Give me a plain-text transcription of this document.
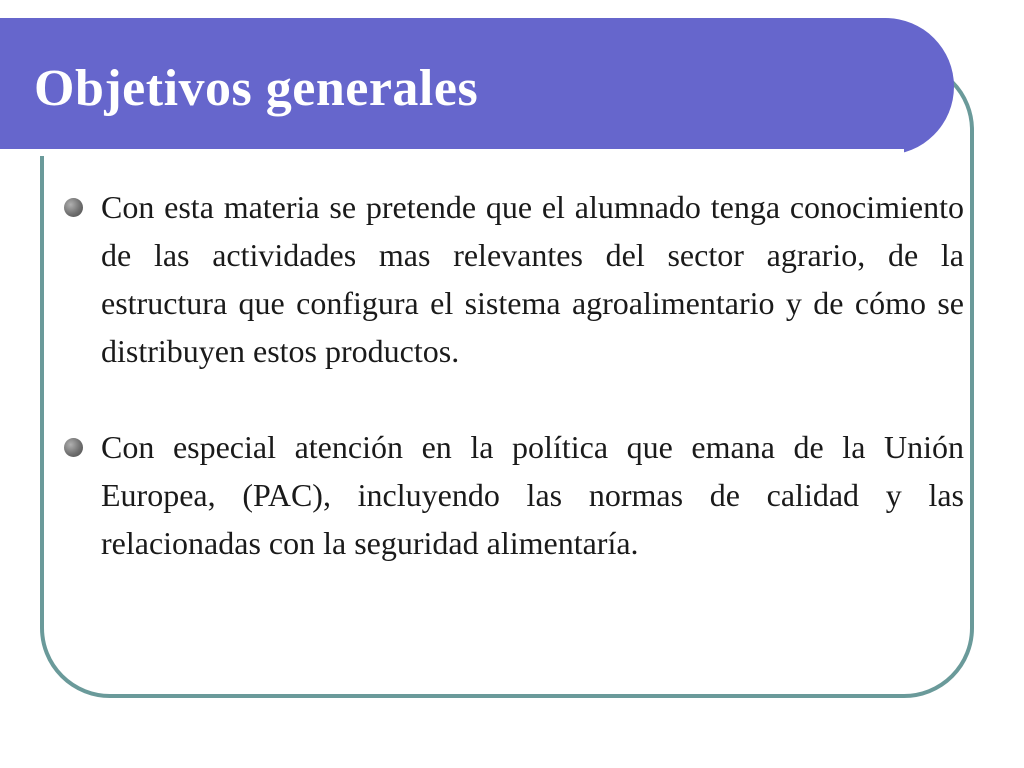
Objetivos generales
Con esta materia se pretende que el alumnado tenga conocimiento de las actividades mas relevantes del sector agrario, de la estructura que configura el sistema agroalimentario y de cómo se distribuyen estos productos.
Con especial atención en la política que emana de la Unión Europea, (PAC), incluyendo las normas de calidad y las relacionadas con la seguridad alimentaría.
